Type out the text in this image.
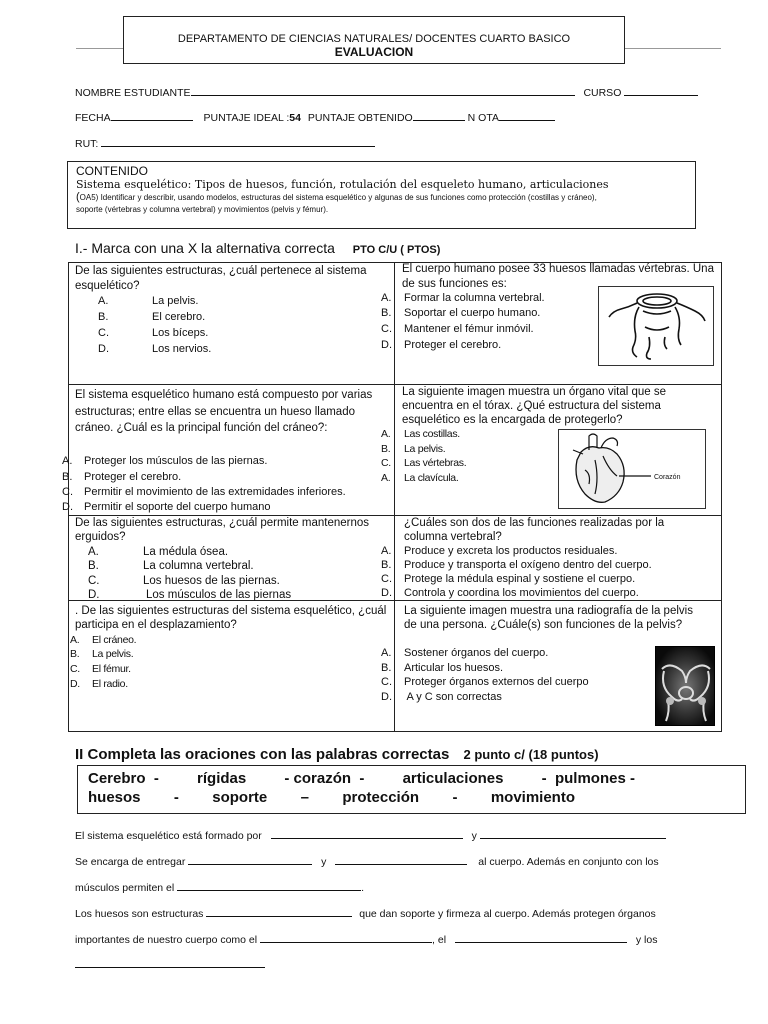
DEPARTAMENTO DE CIENCIAS NATURALES/ DOCENTES CUARTO BASICO
EVALUACION
NOMBRE ESTUDIANTE	CURSO
FECHA	PUNTAJE IDEAL :54 PUNTAJE OBTENIDO	N OTA
RUT:
CONTENIDO
Sistema esquelético: Tipos de huesos, función, rotulación del esqueleto humano, articulaciones
(OA5) Identificar y describir, usando modelos, estructuras del sistema esquelético y algunas de sus funciones como protección (costillas y cráneo),
soporte (vértebras y columna vertebral) y movimientos (pelvis y fémur).
I.- Marca con una X la alternativa correcta PTO C/U ( PTOS)
De las siguientes estructuras, ¿cuál pertenece al sistema esquelético?
A.	La pelvis.
B.	El cerebro.
C.	Los bíceps.
D.	Los nervios.
El cuerpo humano posee 33 huesos llamadas vértebras. Una de sus funciones es:
A. Formar la columna vertebral.
B. Soportar el cuerpo humano.
C. Mantener el fémur inmóvil.
D. Proteger el cerebro.
El sistema esquelético humano está compuesto por varias estructuras; entre ellas se encuentra un hueso llamado cráneo. ¿Cuál es la principal función del cráneo?:
A. Proteger los músculos de las piernas.
B. Proteger el cerebro.
C. Permitir el movimiento de las extremidades inferiores.
D. Permitir el soporte del cuerpo humano
La siguiente imagen muestra un órgano vital que se encuentra en el tórax. ¿Qué estructura del sistema esquelético es la encargada de protegerlo?
A. Las costillas.
B. La pelvis.
C. Las vértebras.
A. La clavícula.	Corazón
De las siguientes estructuras, ¿cuál permite mantenernos erguidos?
A.	La médula ósea.
B.	La columna vertebral.
C.	Los huesos de las piernas.
D.	Los músculos de las piernas
¿Cuáles son dos de las funciones realizadas por la columna vertebral?
A. Produce y excreta los productos residuales.
B. Produce y transporta el oxígeno dentro del cuerpo.
C. Protege la médula espinal y sostiene el cuerpo.
D. Controla y coordina los movimientos del cuerpo.
. De las siguientes estructuras del sistema esquelético, ¿cuál participa en el desplazamiento?
A. El cráneo.
B. La pelvis.
C. El fémur.
D. El radio.
La siguiente imagen muestra una radiografía de la pelvis de una persona. ¿Cuále(s) son funciones de la pelvis?
A. Sostener órganos del cuerpo.
B. Articular los huesos.
C. Proteger órganos externos del cuerpo
D. A y C son correctas
II Completa las oraciones con las palabras correctas 2 punto c/ (18 puntos)
Cerebro  -	rígidas	- corazón  -	articulaciones	-  pulmones -
huesos - soporte – protección - movimiento
El sistema esquelético está formado por	y
Se encarga de entregar	y	al cuerpo. Además en conjunto con los
músculos permiten el	.
Los huesos son estructuras	que dan soporte y firmeza al cuerpo. Además protegen órganos
importantes de nuestro cuerpo como el	, el	y los
